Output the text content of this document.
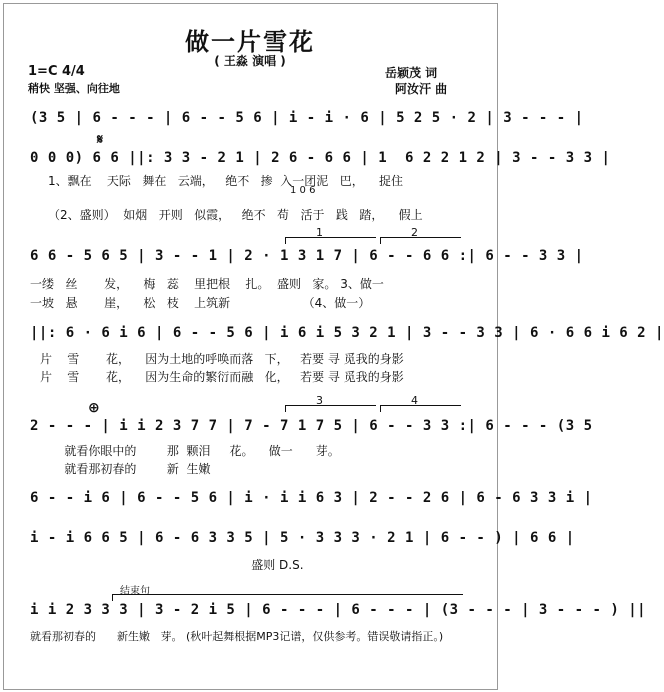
做一片雪花
( 王淼 演唱 )
1=C 4/4
稍快 坚强、向往地
岳颖茂 词
阿汝汗 曲
(3 5 | 6 - - - | 6 - - 5 6 | i - i · 6 | 5 2 5 · 2 | 3 - - - |
𝄋
0 0 0) 6 6 ||: 3 3 - 2 1 | 2 6 - 6 6 | 1  6 2 2 1 2 | 3 - - 3 3 |
1 0 6
1、飘在    天际   舞在   云端，   绝不   掺  入一团泥   巴，    捉住
（2、盛则）  如烟   开则   似霞，   绝不   苟   活于   践   踏，    假上
1	2
6 6 - 5 6 5 | 3 - - 1 | 2 · 1 3 1 7 | 6 - - 6 6 :| 6 - - 3 3 |
一缕   丝       发，    梅   蕊    里把根    扎。  盛则   家。 3、做一
一坡   悬       崖，    松   枝    上筑新                   （4、做一）
||: 6 · 6 i 6 | 6 - - 5 6 | i 6 i 5 3 2 1 | 3 - - 3 3 | 6 · 6 6 i 6 2 |
片    雪       花，    因为土地的呼唤而落   下，   若要 寻 觅我的身影
片    雪       花，    因为生命的繁衍而融   化，   若要 寻 觅我的身影
⊕	3	4
2 - - - | i i 2 3 7 7 | 7 - 7 1 7 5 | 6 - - 3 3 :| 6 - - - (3 5
就看你眼中的        那  颗泪     花。    做一      芽。
就看那初春的        新  生嫩
6 - - i 6 | 6 - - 5 6 | i · i i 6 3 | 2 - - 2 6 | 6 - 6 3 3 i |
i - i 6 6 5 | 6 - 6 3 3 5 | 5 · 3 3 3 · 2 1 | 6 - - ) | 6 6 |
盛则 D.S.
结束句
i i 2 3 3 3 | 3 - 2 i 5 | 6 - - - | 6 - - - | (3 - - - | 3 - - - ) ||
就看那初春的      新生嫩   芽。 (秋叶起舞根据MP3记谱，仅供参考。错误敬请指正。)
